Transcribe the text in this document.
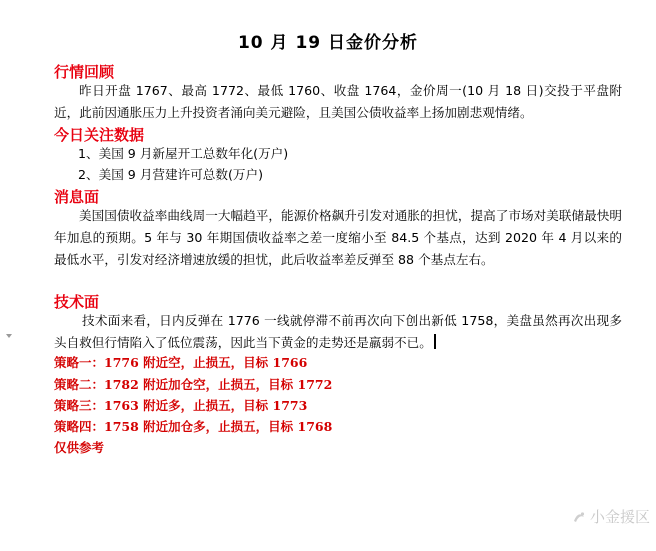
10 月 19 日金价分析
行情回顾
昨日开盘 1767、最高 1772、最低 1760、收盘 1764，金价周一(10 月 18 日)交投于平盘附近，此前因通胀压力上升投资者涌向美元避险，且美国公债收益率上扬加剧悲观情绪。
今日关注数据
1、美国 9 月新屋开工总数年化(万户)
2、美国 9 月营建许可总数(万户)
消息面
美国国债收益率曲线周一大幅趋平，能源价格飙升引发对通胀的担忧，提高了市场对美联储最快明年加息的预期。5 年与 30 年期国债收益率之差一度缩小至 84.5 个基点，达到 2020 年 4 月以来的最低水平，引发对经济增速放缓的担忧，此后收益率差反弹至 88 个基点左右。
技术面
技术面来看，日内反弹在 1776 一线就停滞不前再次向下创出新低 1758，美盘虽然再次出现多头自救但行情陷入了低位震荡，因此当下黄金的走势还是羸弱不已。
策略一：1776 附近空，止损五，目标 1766
策略二：1782 附近加仓空，止损五，目标 1772
策略三：1763 附近多，止损五，目标 1773
策略四：1758 附近加仓多，止损五，目标 1768
仅供参考
小金援区
